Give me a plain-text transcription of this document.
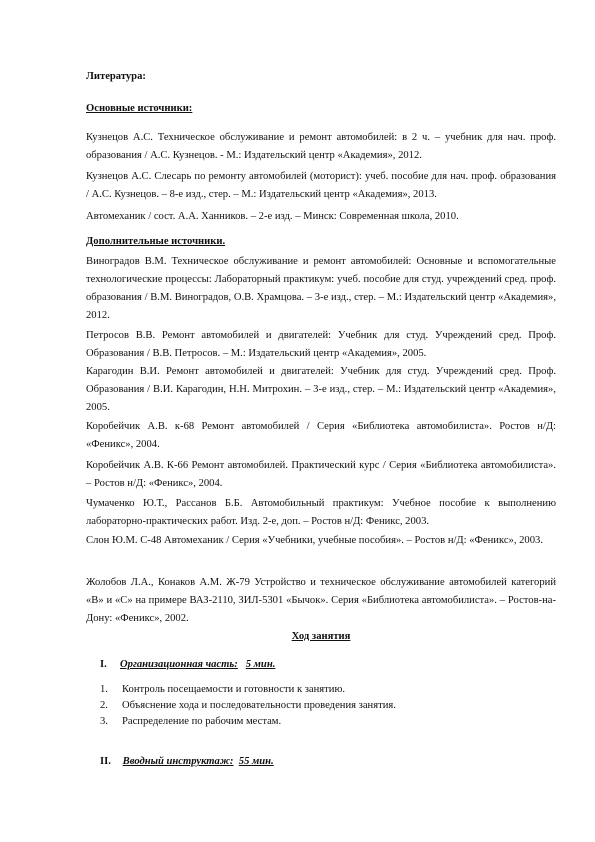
Литература:
Основные источники:
Кузнецов А.С. Техническое обслуживание и ремонт автомобилей: в 2 ч. – учебник для нач. проф. образования / А.С. Кузнецов. - М.: Издательский центр «Академия», 2012.
Кузнецов А.С. Слесарь по ремонту автомобилей (моторист): учеб. пособие для нач. проф. образования / А.С. Кузнецов. – 8-е изд., стер. – М.: Издательский центр «Академия», 2013.
Автомеханик / сост. А.А. Ханников. – 2-е изд. – Минск: Современная школа, 2010.
Дополнительные источники.
Виноградов В.М. Техническое обслуживание и ремонт автомобилей: Основные и вспомогательные технологические процессы: Лабораторный практикум: учеб. пособие для студ. учреждений сред. проф. образования / В.М. Виноградов, О.В. Храмцова. – 3-е изд., стер. – М.: Издательский центр «Академия», 2012.
Петросов В.В. Ремонт автомобилей и двигателей: Учебник для студ. Учреждений сред. Проф. Образования / В.В. Петросов. – М.: Издательский центр «Академия», 2005.
Карагодин В.И. Ремонт автомобилей и двигателей: Учебник для студ. Учреждений сред. Проф. Образования / В.И. Карагодин, Н.Н. Митрохин. – 3-е изд., стер. – М.: Издательский центр «Академия», 2005.
Коробейчик А.В. к-68 Ремонт автомобилей / Серия «Библиотека автомобилиста». Ростов н/Д: «Феникс», 2004.
Коробейчик А.В. К-66 Ремонт автомобилей. Практический курс / Серия «Библиотека автомобилиста». – Ростов н/Д: «Феникс», 2004.
Чумаченко Ю.Т., Рассанов Б.Б. Автомобильный практикум: Учебное пособие к выполнению лабораторно-практических работ. Изд. 2-е, доп. – Ростов н/Д: Феникс, 2003.
Слон Ю.М. С-48 Автомеханик / Серия «Учебники, учебные пособия». – Ростов н/Д: «Феникс», 2003.
Жолобов Л.А., Конаков А.М. Ж-79 Устройство и техническое обслуживание автомобилей категорий «В» и «С» на примере ВАЗ-2110, ЗИЛ-5301 «Бычок». Серия «Библиотека автомобилиста». – Ростов-на-Дону: «Феникс», 2002.
Ход занятия
I. Организационная часть: 5 мин.
1. Контроль посещаемости и готовности к занятию.
2. Объяснение хода и последовательности проведения занятия.
3. Распределение по рабочим местам.
II. Вводный инструктаж: 55 мин.
